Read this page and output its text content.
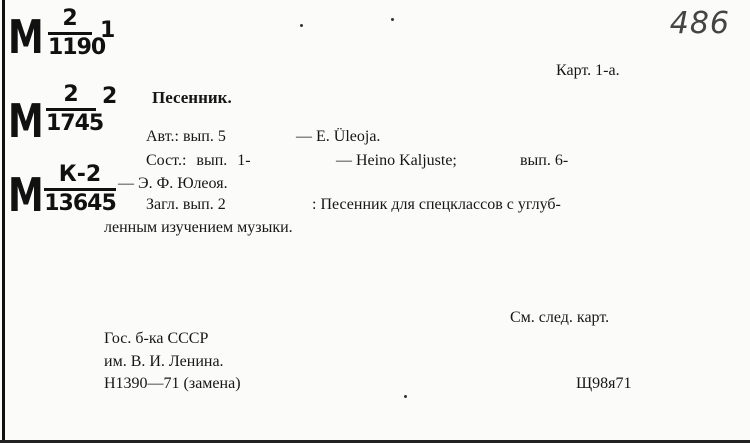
M 2
1190
1
M 2
1745
2
M К-2
13645
486
Карт. 1-а.
Песенник.
Авт.: вып. 5	— E. Üleoja.
Сост.: вып. 1-	— Heino Kaljuste;	вып. 6-
— Э. Ф. Юлеоя.
Загл. вып. 2	: Песенник для спецклассов с углуб-
ленным изучением музыки.
См. след. карт.
Гос. б-ка СССР
им. В. И. Ленина.
Н1390—71 (замена)	Щ98я71
